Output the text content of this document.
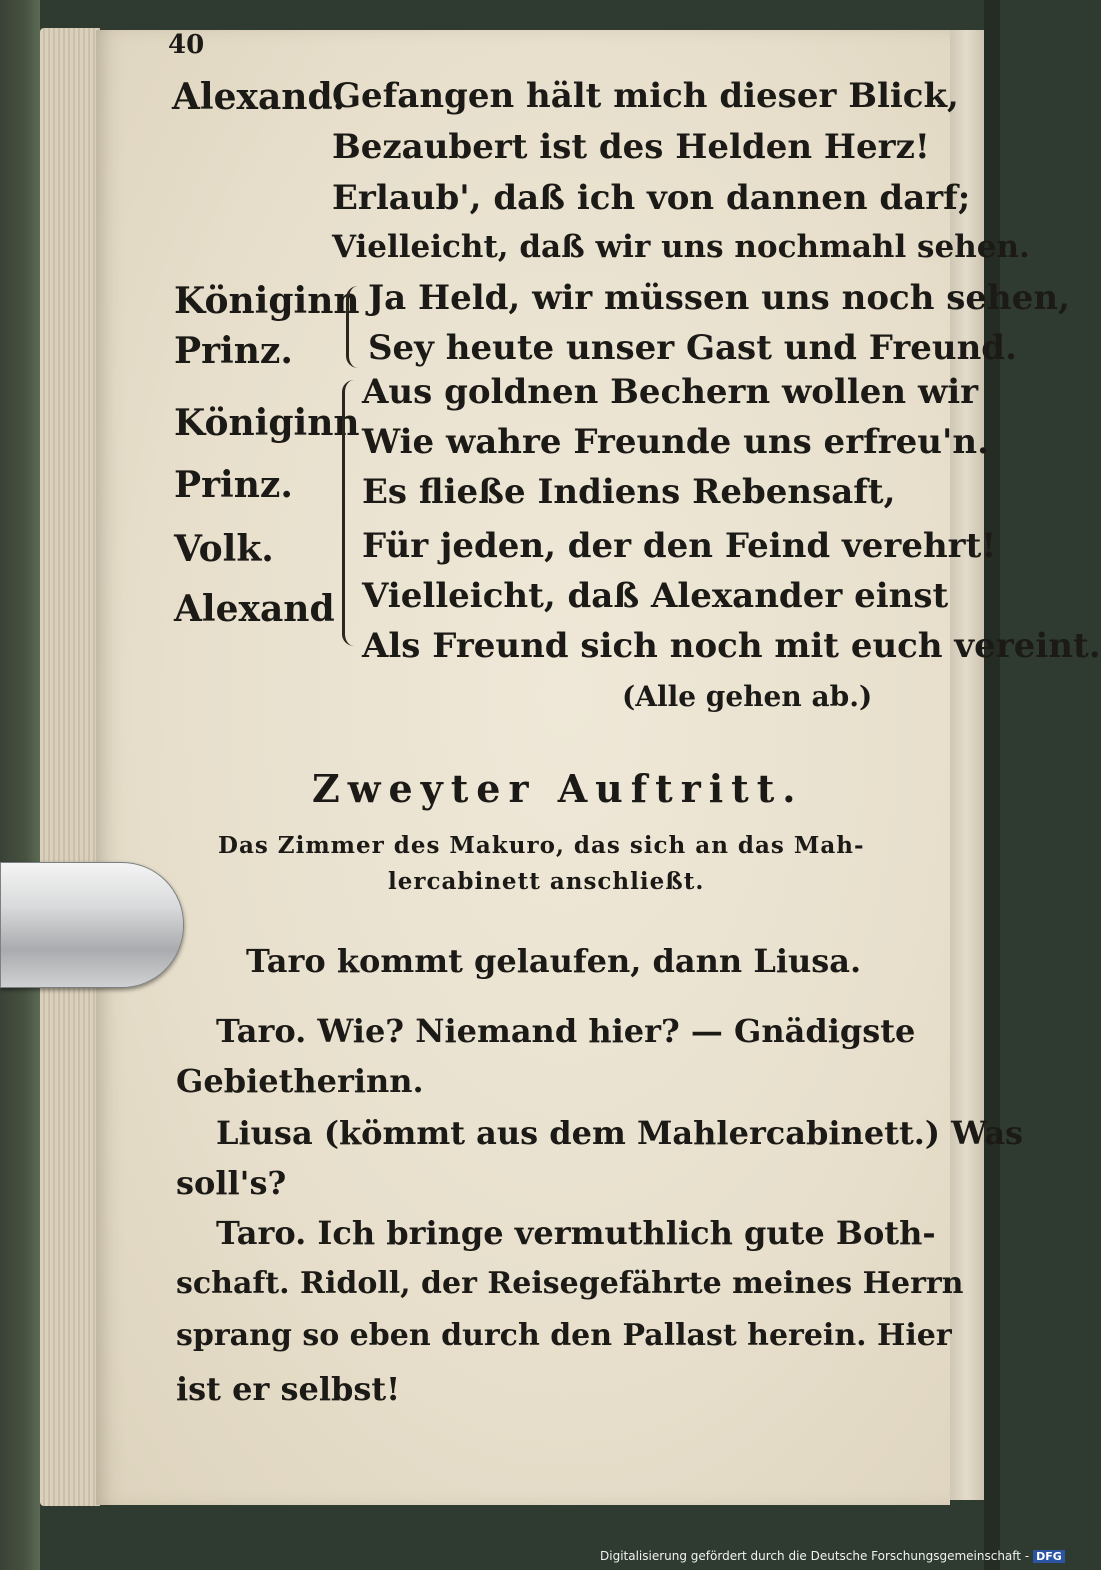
40
Alexand.
Gefangen hält mich dieser Blick,
Bezaubert ist des Helden Herz!
Erlaub', daß ich von dannen darf;
Vielleicht, daß wir uns nochmahl sehen.
Königinn
Prinz.
Ja Held, wir müssen uns noch sehen,
Sey heute unser Gast und Freund.
Königinn
Prinz.
Volk.
Alexand
Aus goldnen Bechern wollen wir
Wie wahre Freunde uns erfreu'n.
Es fließe Indiens Rebensaft,
Für jeden, der den Feind verehrt!
Vielleicht, daß Alexander einst
Als Freund sich noch mit euch vereint.
(Alle gehen ab.)
Zweyter Auftritt.
Das Zimmer des Makuro, das sich an das Mah-
lercabinett anschließt.
Taro kommt gelaufen, dann Liusa.
Taro. Wie? Niemand hier? — Gnädigste
Gebietherinn.
Liusa (kömmt aus dem Mahlercabinett.) Was
soll's?
Taro. Ich bringe vermuthlich gute Both-
schaft. Ridoll, der Reisegefährte meines Herrn
sprang so eben durch den Pallast herein. Hier
ist er selbst!
Digitalisierung gefördert durch die Deutsche Forschungsgemeinschaft - DFG
